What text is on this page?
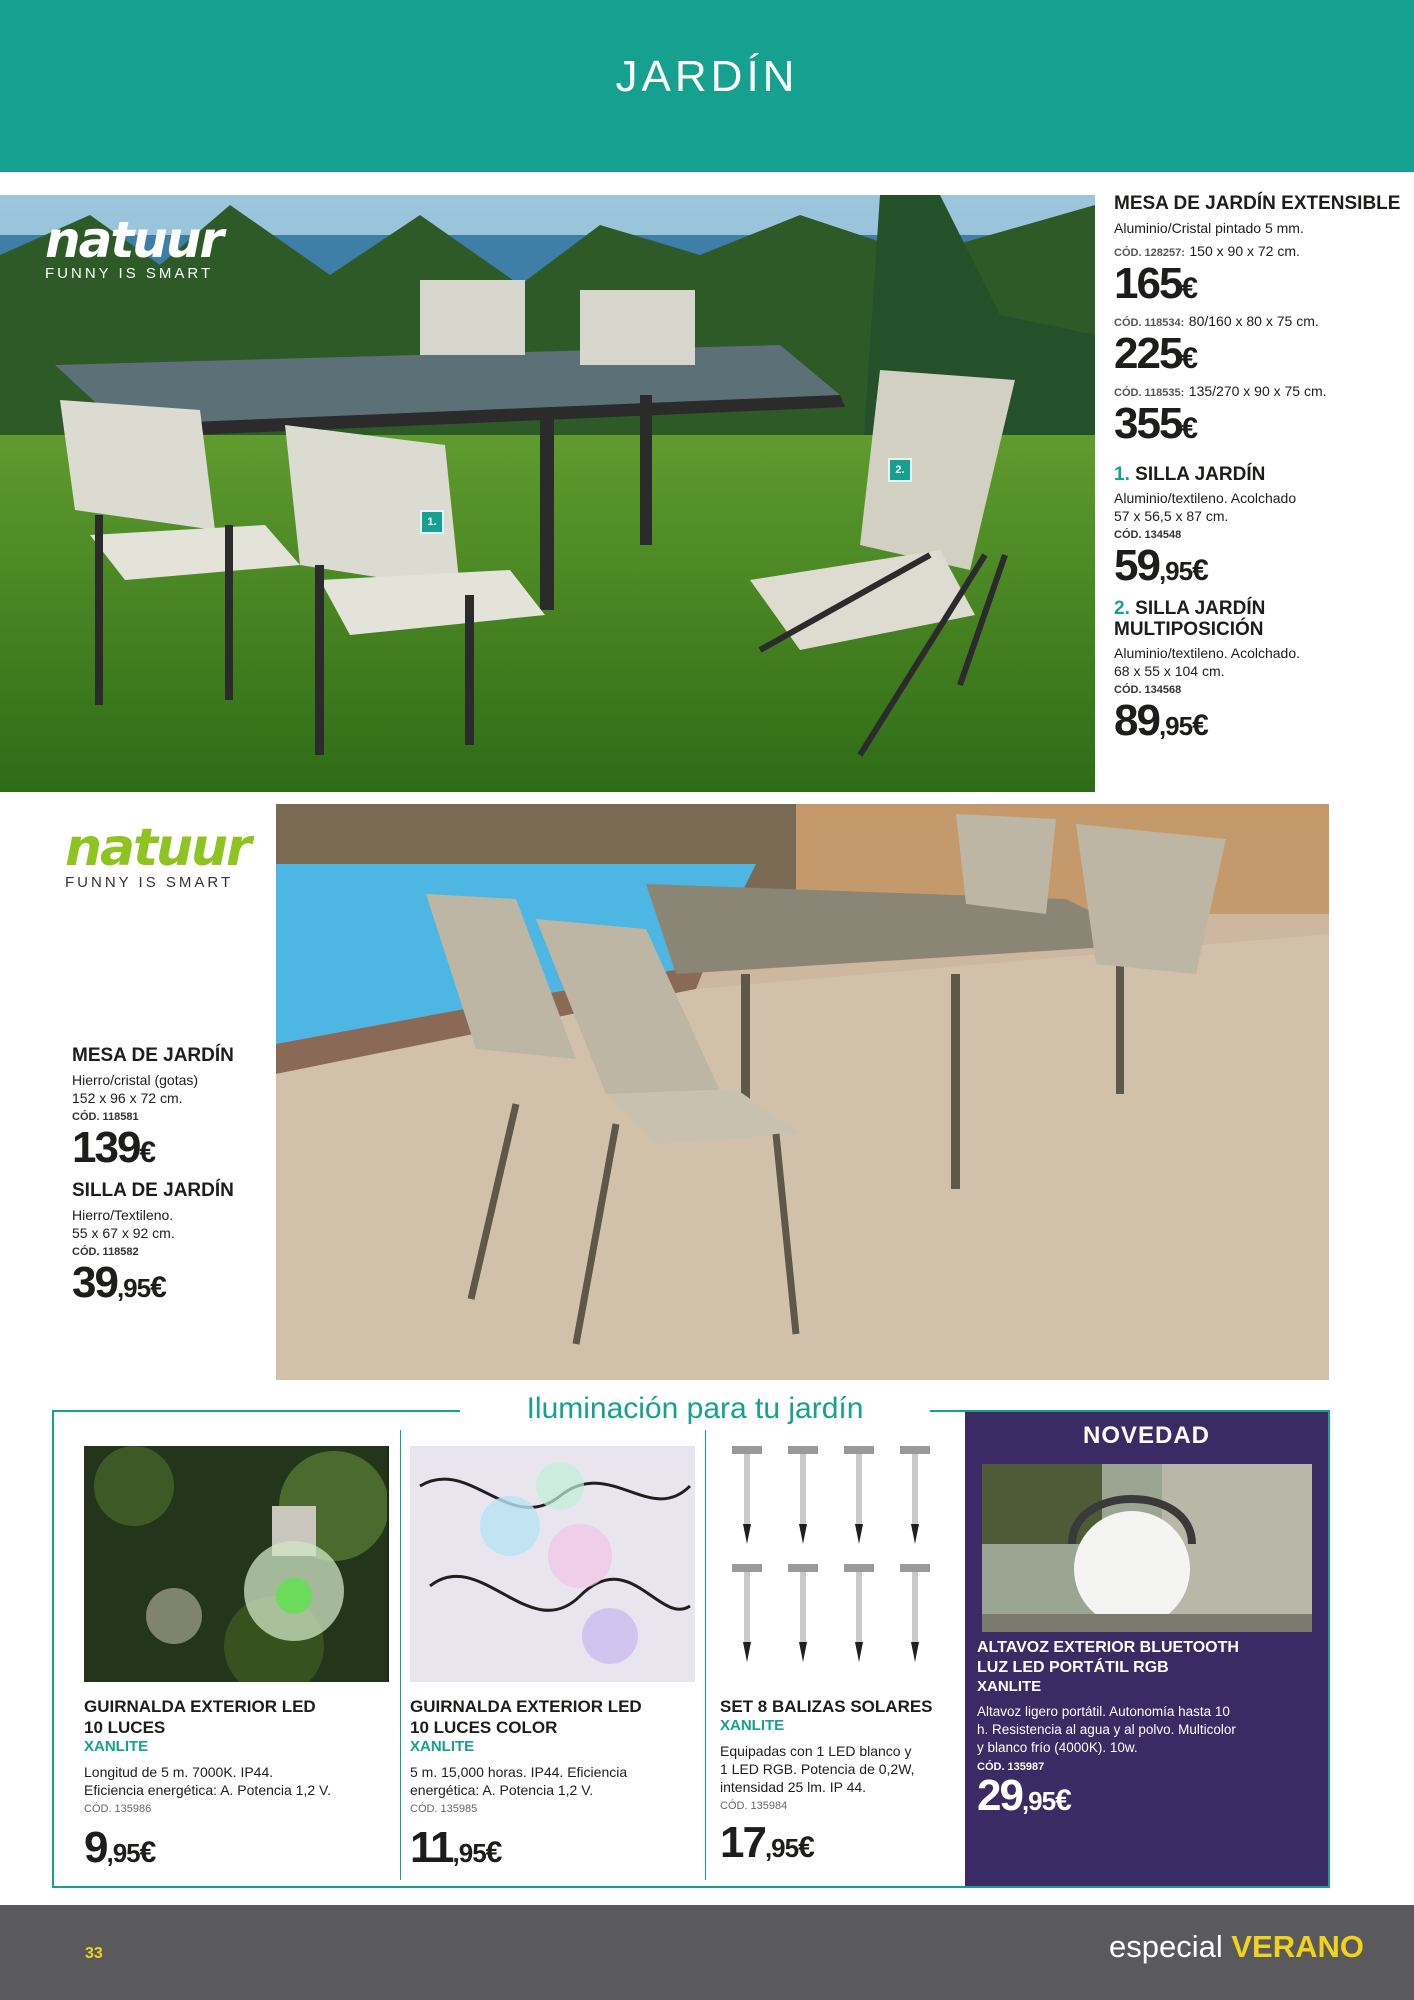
JARDÍN
natuur
FUNNY IS SMART
1.
2.
MESA DE JARDÍN EXTENSIBLE
Aluminio/Cristal pintado 5 mm.
CÓD. 128257: 150 x 90 x 72 cm.
165€
CÓD. 118534: 80/160 x 80 x 75 cm.
225€
CÓD. 118535: 135/270 x 90 x 75 cm.
355€
1. SILLA JARDÍN
Aluminio/textileno. Acolchado
57 x 56,5 x 87 cm.
CÓD. 134548
59,95€
2. SILLA JARDÍN MULTIPOSICIÓN
Aluminio/textileno. Acolchado.
68 x 55 x 104 cm.
CÓD. 134568
89,95€
natuur
FUNNY IS SMART
MESA DE JARDÍN
Hierro/cristal (gotas)
152 x 96 x 72 cm.
CÓD. 118581
139€
SILLA DE JARDÍN
Hierro/Textileno.
55 x 67 x 92 cm.
CÓD. 118582
39,95€
Iluminación para tu jardín
GUIRNALDA EXTERIOR LED
10 LUCES
XANLITE
Longitud de 5 m. 7000K. IP44.
Eficiencia energética: A. Potencia 1,2 V.
CÓD. 135986
9,95€
GUIRNALDA EXTERIOR LED
10 LUCES COLOR
XANLITE
5 m. 15,000 horas. IP44. Eficiencia
energética: A. Potencia 1,2 V.
CÓD. 135985
11,95€
SET 8 BALIZAS SOLARES
XANLITE
Equipadas con 1 LED blanco y
1 LED RGB. Potencia de 0,2W,
intensidad 25 lm. IP 44.
CÓD. 135984
17,95€
NOVEDAD
ALTAVOZ EXTERIOR BLUETOOTH
LUZ LED PORTÁTIL RGB
XANLITE
Altavoz ligero portátil. Autonomía hasta 10
h. Resistencia al agua y al polvo. Multicolor
y blanco frío (4000K). 10w.
CÓD. 135987
29,95€
33	especial VERANO
